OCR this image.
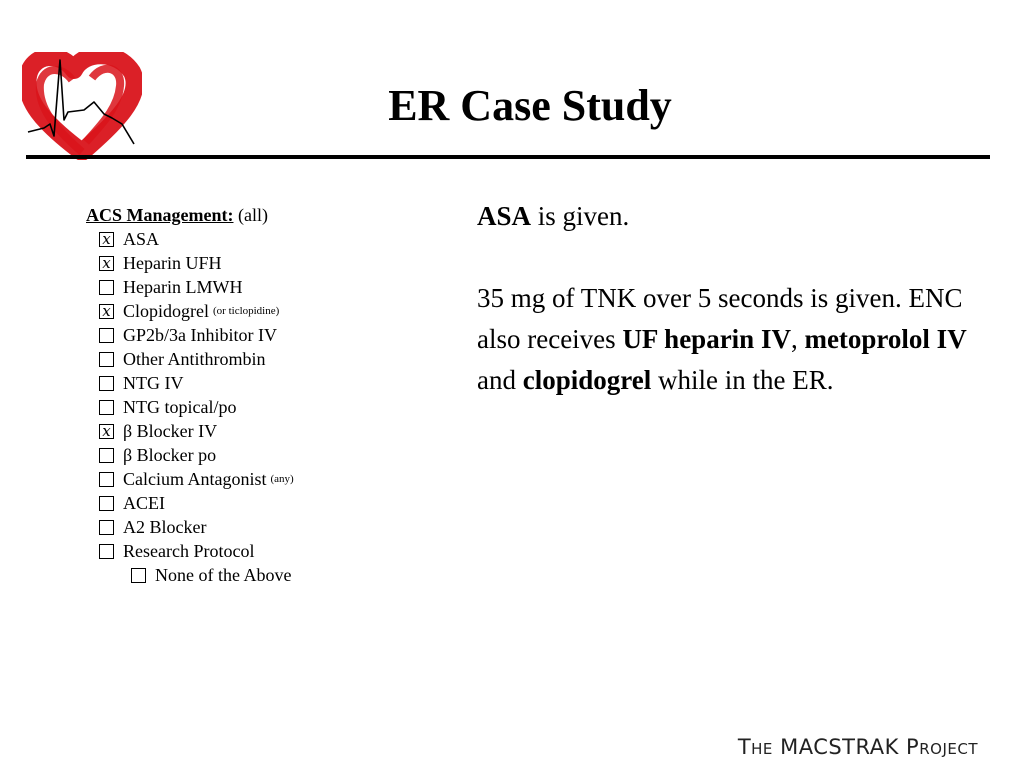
ER Case Study
ACS Management: (all)
x ASA
x Heparin UFH
Heparin LMWH
x Clopidogrel (or ticlopidine)
GP2b/3a Inhibitor IV
Other Antithrombin
NTG IV
NTG topical/po
x β Blocker IV
β Blocker po
Calcium Antagonist (any)
ACEI
A2 Blocker
Research Protocol
None of the Above

ASA is given.

35 mg of TNK over 5 seconds is given. ENC also receives UF heparin IV, metoprolol IV and clopidogrel while in the ER.

The MACSTRAK Project
